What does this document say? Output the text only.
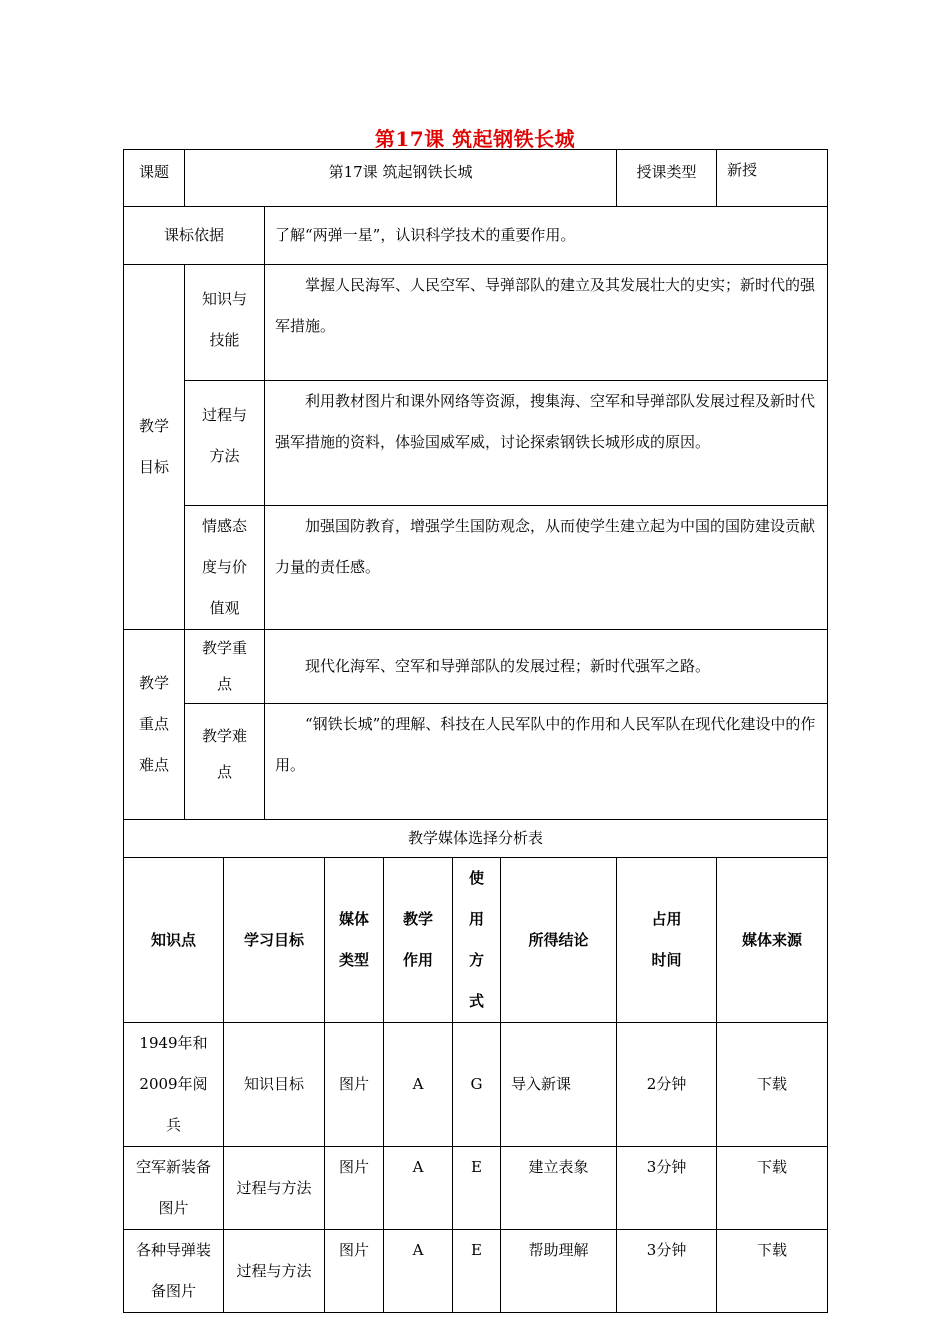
第17课 筑起钢铁长城
课题	第17课 筑起钢铁长城							授课类型	新授
课标依据			了解“两弹一星”，认识科学技术的重要作用。						
教学目标	知识与技能		掌握人民海军、人民空军、导弹部队的建立及其发展壮大的史实；新时代的强军措施。						
	过程与方法		利用教材图片和课外网络等资源，搜集海、空军和导弹部队发展过程及新时代强军措施的资料，体验国威军威，讨论探索钢铁长城形成的原因。						
	情感态度与价值观		加强国防教育，增强学生国防观念，从而使学生建立起为中国的国防建设贡献力量的责任感。						
教学重点难点	教学重点		现代化海军、空军和导弹部队的发展过程；新时代强军之路。						
	教学难点		“钢铁长城”的理解、科技在人民军队中的作用和人民军队在现代化建设中的作用。						
教学媒体选择分析表									
知识点		学习目标		媒体类型	教学 作用	使用方式	所得结论	占用 时间	媒体来源
1949年和2009年阅兵		知识目标		图片	A	G	导入新课	2分钟	下载
空军新装备图片		过程与方法		图片	A	E	建立表象	3分钟	下载
各种导弹装备图片		过程与方法		图片	A	E	帮助理解	3分钟	下载
